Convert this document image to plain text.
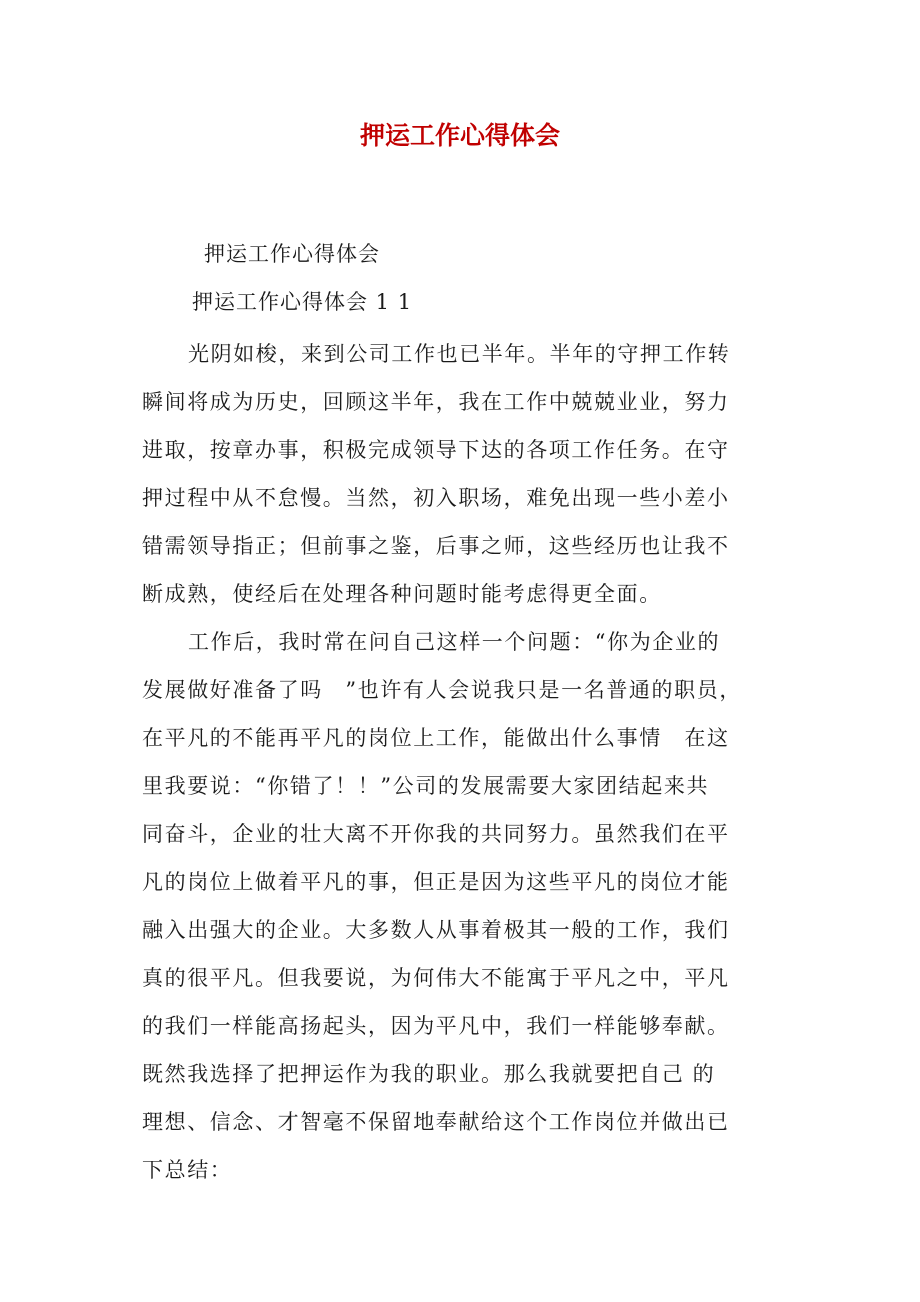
押运工作心得体会
押运工作心得体会
押运工作心得体会 1 1
光阴如梭，来到公司工作也已半年。半年的守押工作转
瞬间将成为历史，回顾这半年，我在工作中兢兢业业，努力
进取，按章办事，积极完成领导下达的各项工作任务。在守
押过程中从不怠慢。当然，初入职场，难免出现一些小差小
错需领导指正；但前事之鉴，后事之师，这些经历也让我不
断成熟，使经后在处理各种问题时能考虑得更全面。
工作后，我时常在问自己这样一个问题：“你为企业的
发展做好准备了吗　”也许有人会说我只是一名普通的职员，
在平凡的不能再平凡的岗位上工作，能做出什么事情　在这
里我要说：“你错了！！”公司的发展需要大家团结起来共
同奋斗，企业的壮大离不开你我的共同努力。虽然我们在平
凡的岗位上做着平凡的事，但正是因为这些平凡的岗位才能
融入出强大的企业。大多数人从事着极其一般的工作，我们
真的很平凡。但我要说，为何伟大不能寓于平凡之中，平凡
的我们一样能高扬起头，因为平凡中，我们一样能够奉献。
既然我选择了把押运作为我的职业。那么我就要把自己 的
理想、信念、才智毫不保留地奉献给这个工作岗位并做出已
下总结：
